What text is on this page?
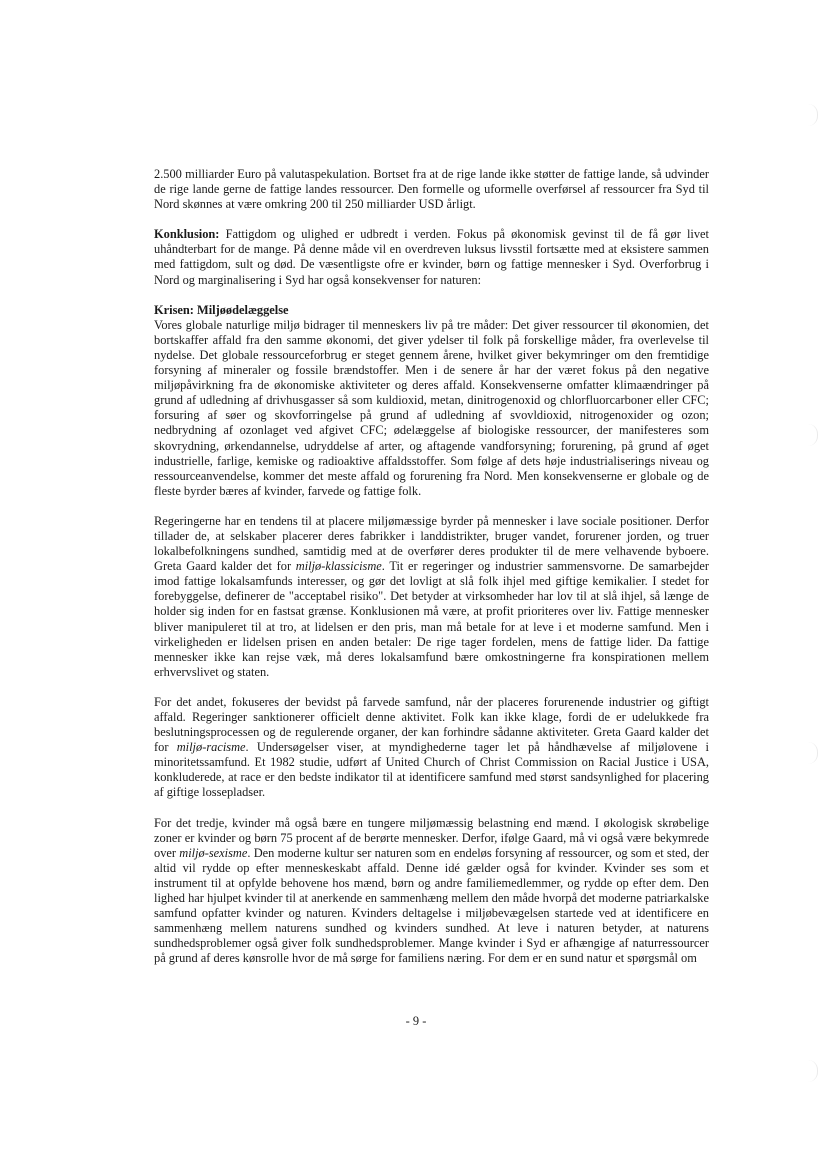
2.500 milliarder Euro på valutaspekulation. Bortset fra at de rige lande ikke støtter de fattige lande, så udvinder de rige lande gerne de fattige landes ressourcer. Den formelle og uformelle overførsel af ressourcer fra Syd til Nord skønnes at være omkring 200 til 250 milliarder USD årligt.

Konklusion: Fattigdom og ulighed er udbredt i verden. Fokus på økonomisk gevinst til de få gør livet uhåndterbart for de mange. På denne måde vil en overdreven luksus livsstil fortsætte med at eksistere sammen med fattigdom, sult og død. De væsentligste ofre er kvinder, børn og fattige mennesker i Syd. Overforbrug i Nord og marginalisering i Syd har også konsekvenser for naturen:

Krisen: Miljøødelæggelse

Vores globale naturlige miljø bidrager til menneskers liv på tre måder: Det giver ressourcer til økonomien, det bortskaffer affald fra den samme økonomi, det giver ydelser til folk på forskellige måder, fra overlevelse til nydelse. Det globale ressourceforbrug er steget gennem årene, hvilket giver bekymringer om den fremtidige forsyning af mineraler og fossile brændstoffer. Men i de senere år har der været fokus på den negative miljøpåvirkning fra de økonomiske aktiviteter og deres affald. Konsekvenserne omfatter klimaændringer på grund af udledning af drivhusgasser så som kuldioxid, metan, dinitrogenoxid og chlorfluorcarboner eller CFC; forsuring af søer og skovforringelse på grund af udledning af svovldioxid, nitrogenoxider og ozon; nedbrydning af ozonlaget ved afgivet CFC; ødelæggelse af biologiske ressourcer, der manifesteres som skovrydning, ørkendannelse, udryddelse af arter, og aftagende vandforsyning; forurening, på grund af øget industrielle, farlige, kemiske og radioaktive affaldsstoffer. Som følge af dets høje industrialiserings niveau og ressourceanvendelse, kommer det meste affald og forurening fra Nord. Men konsekvenserne er globale og de fleste byrder bæres af kvinder, farvede og fattige folk.

Regeringerne har en tendens til at placere miljømæssige byrder på mennesker i lave sociale positioner. Derfor tillader de, at selskaber placerer deres fabrikker i landdistrikter, bruger vandet, forurener jorden, og truer lokalbefolkningens sundhed, samtidig med at de overfører deres produkter til de mere velhavende byboere. Greta Gaard kalder det for miljø-klassicisme. Tit er regeringer og industrier sammensvorne. De samarbejder imod fattige lokalsamfunds interesser, og gør det lovligt at slå folk ihjel med giftige kemikalier. I stedet for forebyggelse, definerer de "acceptabel risiko". Det betyder at virksomheder har lov til at slå ihjel, så længe de holder sig inden for en fastsat grænse. Konklusionen må være, at profit prioriteres over liv. Fattige mennesker bliver manipuleret til at tro, at lidelsen er den pris, man må betale for at leve i et moderne samfund. Men i virkeligheden er lidelsen prisen en anden betaler: De rige tager fordelen, mens de fattige lider. Da fattige mennesker ikke kan rejse væk, må deres lokalsamfund bære omkostningerne fra konspirationen mellem erhvervslivet og staten.

For det andet, fokuseres der bevidst på farvede samfund, når der placeres forurenende industrier og giftigt affald. Regeringer sanktionerer officielt denne aktivitet. Folk kan ikke klage, fordi de er udelukkede fra beslutningsprocessen og de regulerende organer, der kan forhindre sådanne aktiviteter. Greta Gaard kalder det for miljø-racisme. Undersøgelser viser, at myndighederne tager let på håndhævelse af miljølovene i minoritetssamfund. Et 1982 studie, udført af United Church of Christ Commission on Racial Justice i USA, konkluderede, at race er den bedste indikator til at identificere samfund med størst sandsynlighed for placering af giftige lossepladser.

For det tredje, kvinder må også bære en tungere miljømæssig belastning end mænd. I økologisk skrøbelige zoner er kvinder og børn 75 procent af de berørte mennesker. Derfor, ifølge Gaard, må vi også være bekymrede over miljø-sexisme. Den moderne kultur ser naturen som en endeløs forsyning af ressourcer, og som et sted, der altid vil rydde op efter menneskeskabt affald. Denne idé gælder også for kvinder. Kvinder ses som et instrument til at opfylde behovene hos mænd, børn og andre familiemedlemmer, og rydde op efter dem. Den lighed har hjulpet kvinder til at anerkende en sammenhæng mellem den måde hvorpå det moderne patriarkalske samfund opfatter kvinder og naturen. Kvinders deltagelse i miljøbevægelsen startede ved at identificere en sammenhæng mellem naturens sundhed og kvinders sundhed. At leve i naturen betyder, at naturens sundhedsproblemer også giver folk sundhedsproblemer. Mange kvinder i Syd er afhængige af naturressourcer på grund af deres kønsrolle hvor de må sørge for familiens næring. For dem er en sund natur et spørgsmål om

- 9 -
